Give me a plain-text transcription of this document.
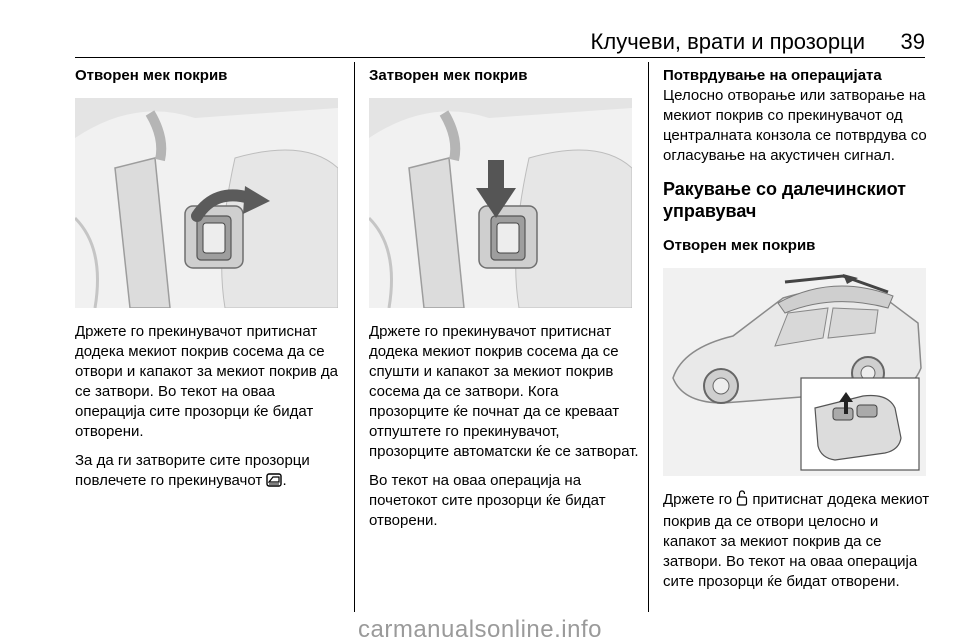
Клучеви, врати и прозорци 39
Отворен мек покрив

Држете го прекинувачот притиснат додека мекиот покрив сосема да се отвори и капакот за мекиот покрив да се затвори. Во текот на оваа операција сите прозорци ќе бидат отворени.

За да ги затворите сите прозорци повлечете го прекинувачот .

Затворен мек покрив

Држете го прекинувачот притиснат додека мекиот покрив сосема да се спушти и капакот за мекиот покрив сосема да се затвори. Кога прозорците ќе почнат да се креваат отпуштете го прекинувачот, прозорците автоматски ќе се затворат.

Во текот на оваа операција на почетокот сите прозорци ќе бидат отворени.

Потврдување на операцијата

Целосно отворање или затворање на мекиот покрив со прекинувачот од централната конзола се потврдува со огласување на акустичен сигнал.

Ракување со далечинскиот управувач
Отворен мек покрив

Држете го притиснат додека мекиот покрив да се отвори целосно и капакот за мекиот покрив да се затвори. Во текот на оваа операција сите прозорци ќе бидат отворени.

carmanualsonline.info
